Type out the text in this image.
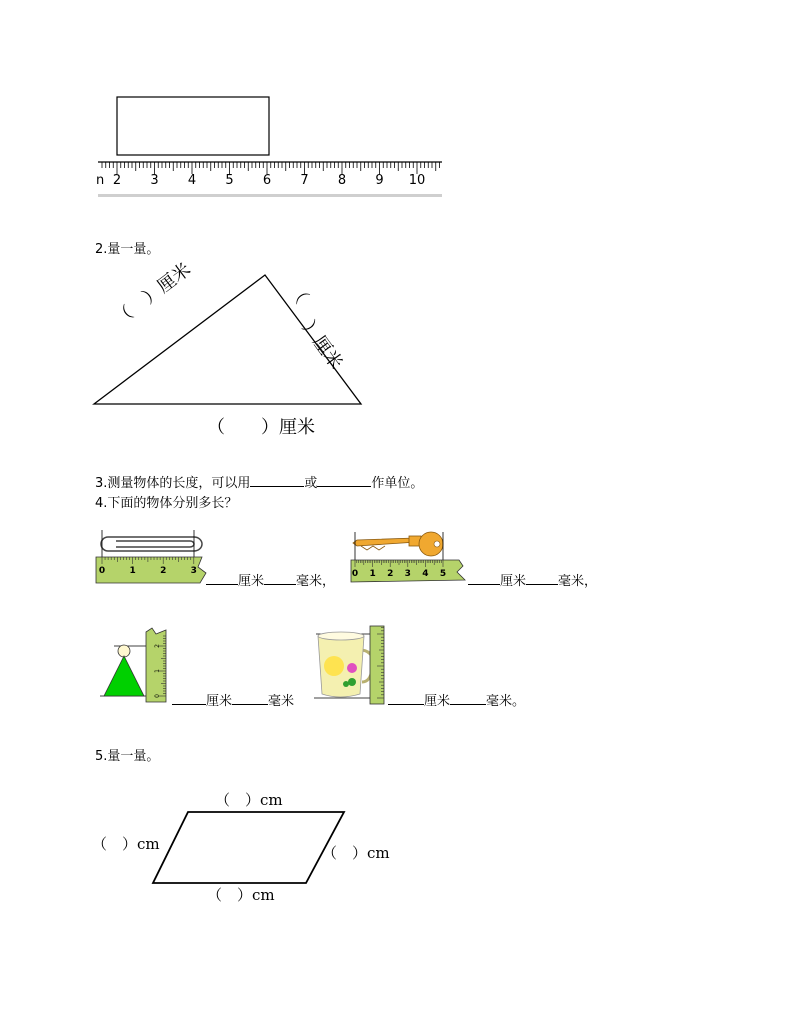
n 2 3 4 5 6 7 8 9 10
2.量一量。
（　）厘米	（
）厘米
（　　）厘米
3.测量物体的长度，可以用	或	作单位。
4.下面的物体分别多长？
0	1	2	3
厘米 毫米， 0 1 2 3 4 5	厘米 毫米，
0
1
2
厘米	毫米	厘米	毫米。
5.量一量。
（　）cm
（　）cm	（　）cm
（　）cm
